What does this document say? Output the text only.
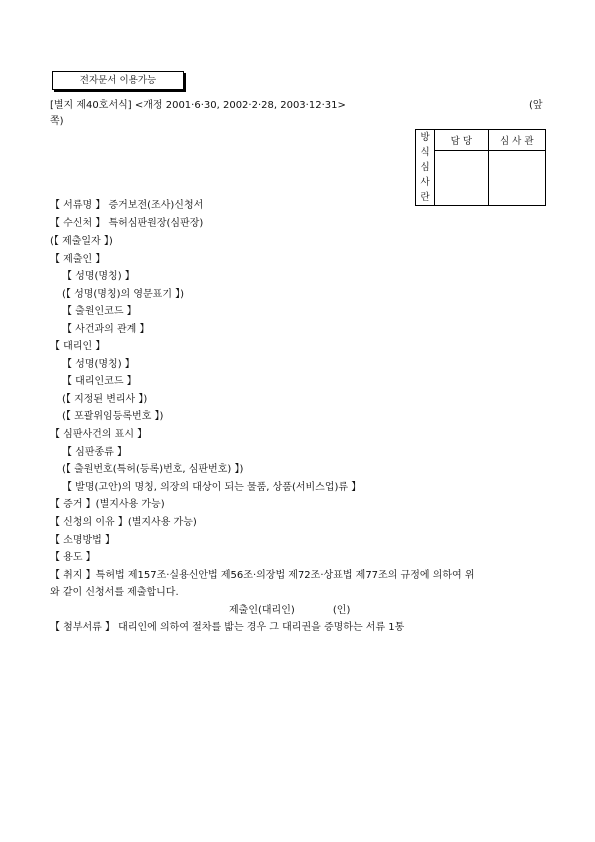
전자문서 이용가능
[별지 제40호서식] <개정 2001·6·30, 2002·2·28, 2003·12·31>	(앞
쪽)
방
식
심
사
란	담 당	심 사 관

【 서류명 】 증거보전(조사)신청서
【 수신처 】 특허심판원장(심판장)
(【 제출일자 】)
【 제출인 】
【 성명(명칭) 】
(【 성명(명칭)의 영문표기 】)
【 출원인코드 】
【 사건과의 관계 】
【 대리인 】
【 성명(명칭) 】
【 대리인코드 】
(【 지정된 변리사 】)
(【 포괄위임등록번호 】)
【 심판사건의 표시 】
【 심판종류 】
(【 출원번호(특허(등록)번호, 심판번호) 】)
【 발명(고안)의 명칭, 의장의 대상이 되는 물품, 상품(서비스업)류 】
【 증거 】(별지사용 가능)
【 신청의 이유 】(별지사용 가능)
【 소명방법 】
【 용도 】
【 취지 】특허법 제157조·실용신안법 제56조·의장법 제72조·상표법 제77조의 규정에 의하여 위
와 같이 신청서를 제출합니다.
제출인(대리인)            (인)
【 첨부서류 】 대리인에 의하여 절차를 밟는 경우 그 대리권을 증명하는 서류 1통
